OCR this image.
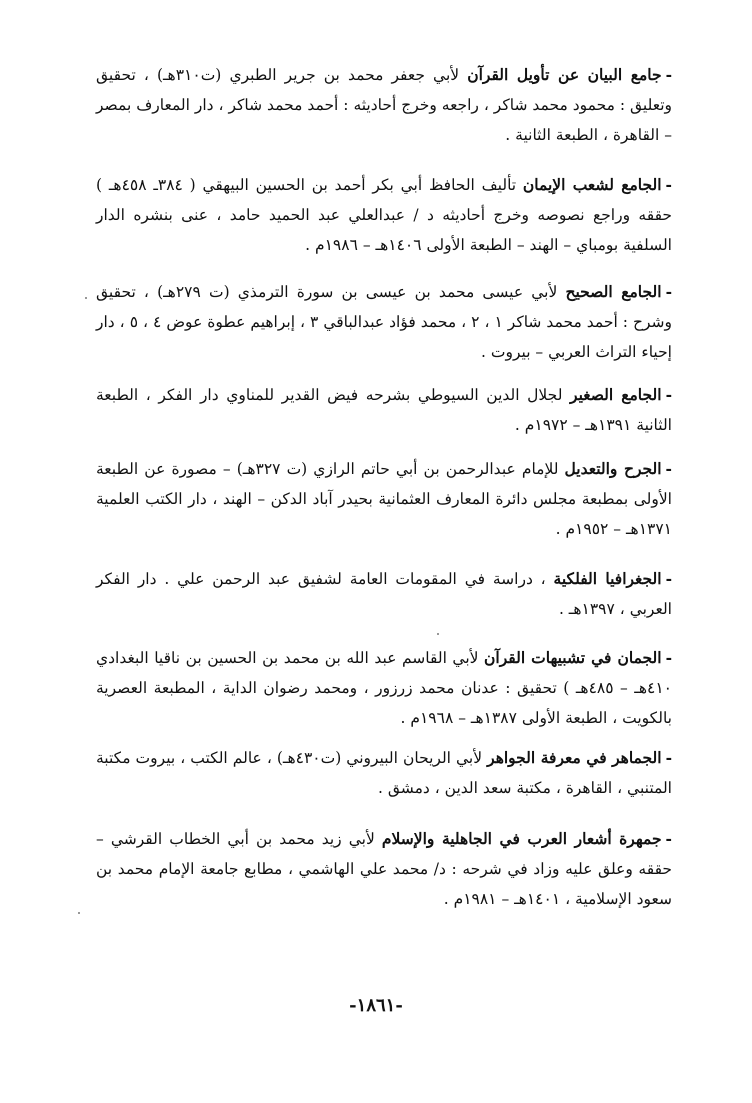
-جامع البيان عن تأويل القرآن لأبي جعفر محمد بن جرير الطبري (ت٣١٠هـ) ، تحقيق وتعليق : محمود محمد شاكر ، راجعه وخرج أحاديثه : أحمد محمد شاكر ، دار المعارف بمصر – القاهرة ، الطبعة الثانية .
-الجامع لشعب الإيمان تأليف الحافظ أبي بكر أحمد بن الحسين البيهقي ( ٣٨٤ـ ٤٥٨هـ ) حققه وراجع نصوصه وخرج أحاديثه د / عبدالعلي عبد الحميد حامد ، عنى بنشره الدار السلفية بومباي – الهند – الطبعة الأولى ١٤٠٦هـ – ١٩٨٦م .
-الجامع الصحيح لأبي عيسى محمد بن عيسى بن سورة الترمذي (ت ٢٧٩هـ) ، تحقيق وشرح : أحمد محمد شاكر ١ ، ٢ ، محمد فؤاد عبدالباقي ٣ ، إبراهيم عطوة عوض ٤ ، ٥ ، دار إحياء التراث العربي – بيروت .
-الجامع الصغير لجلال الدين السيوطي بشرحه فيض القدير للمناوي دار الفكر ، الطبعة الثانية ١٣٩١هـ – ١٩٧٢م .
-الجرح والتعديل للإمام عبدالرحمن بن أبي حاتم الرازي (ت ٣٢٧هـ) – مصورة عن الطبعة الأولى بمطبعة مجلس دائرة المعارف العثمانية بحيدر آباد الدكن – الهند ، دار الكتب العلمية ١٣٧١هـ – ١٩٥٢م .
-الجغرافيا الفلكية ، دراسة في المقومات العامة لشفيق عبد الرحمن علي . دار الفكر العربي ، ١٣٩٧هـ .
-الجمان في تشبيهات القرآن لأبي القاسم عبد الله بن محمد بن الحسين بن ناقيا البغدادي ٤١٠هـ – ٤٨٥هـ ) تحقيق : عدنان محمد زرزور ، ومحمد رضوان الداية ، المطبعة العصرية بالكويت ، الطبعة الأولى ١٣٨٧هـ – ١٩٦٨م .
-الجماهر في معرفة الجواهر لأبي الريحان البيروني (ت٤٣٠هـ) ، عالم الكتب ، بيروت مكتبة المتنبي ، القاهرة ، مكتبة سعد الدين ، دمشق .
-جمهرة أشعار العرب في الجاهلية والإسلام لأبي زيد محمد بن أبي الخطاب القرشي – حققه وعلق عليه وزاد في شرحه : د/ محمد علي الهاشمي ، مطابع جامعة الإمام محمد بن سعود الإسلامية ، ١٤٠١هـ – ١٩٨١م .
-١٨٦١-
